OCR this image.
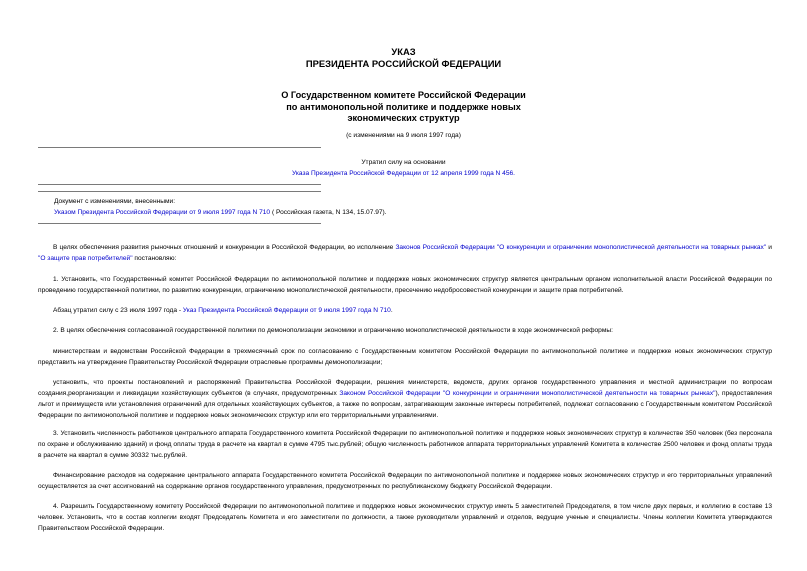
УКАЗ
ПРЕЗИДЕНТА РОССИЙСКОЙ ФЕДЕРАЦИИ
О Государственном комитете Российской Федерации
по антимонопольной политике и поддержке новых
экономических структур
(с изменениями на 9 июля 1997 года)
Утратил силу на основании
Указа Президента Российской Федерации от 12 апреля 1999 года N 456.
Документ с изменениями, внесенными:
Указом Президента Российской Федерации от 9 июля 1997 года N 710 ( Российская газета, N 134, 15.07.97).
В целях обеспечения развития рыночных отношений и конкуренции в Российской Федерации, во исполнение Законов Российской Федерации "О конкуренции и ограничении монополистической деятельности на товарных рынках" и "О защите прав потребителей" постановляю:
1. Установить, что Государственный комитет Российской Федерации по антимонопольной политике и поддержке новых экономических структур является центральным органом исполнительной власти Российской Федерации по проведению государственной политики, по развитию конкуренции, ограничению монополистической деятельности, пресечению недобросовестной конкуренции и защите прав потребителей.
Абзац утратил силу с 23 июля 1997 года - Указ Президента Российской Федерации от 9 июля 1997 года N 710.
2. В целях обеспечения согласованной государственной политики по демонополизации экономики и ограничению монополистической деятельности в ходе экономической реформы:
министерствам и ведомствам Российской Федерации в трехмесячный срок по согласованию с Государственным комитетом Российской Федерации по антимонопольной политике и поддержке новых экономических структур представить на утверждение Правительству Российской Федерации отраслевые программы демонополизации;
установить, что проекты постановлений и распоряжений Правительства Российской Федерации, решения министерств, ведомств, других органов государственного управления и местной администрации по вопросам создания,реорганизации и ликвидации хозяйствующих субъектов (в случаях, предусмотренных Законом Российской Федерации "О конкуренции и ограничении монополистической деятельности на товарных рынках"), предоставления льгот и преимуществ или установления ограничений для отдельных хозяйствующих субъектов, а также по вопросам, затрагивающим законные интересы потребителей, подлежат согласованию с Государственным комитетом Российской Федерации по антимонопольной политике и поддержке новых экономических структур или его территориальными управлениями.
3. Установить численность работников центрального аппарата Государственного комитета Российской Федерации по антимонопольной политике и поддержке новых экономических структур в количестве 350 человек (без персонала по охране и обслуживанию зданий) и фонд оплаты труда в расчете на квартал в сумме 4795 тыс.рублей; общую численность работников аппарата территориальных управлений Комитета в количестве 2500 человек и фонд оплаты труда в расчете на квартал в сумме 30332 тыс.рублей.
Финансирование расходов на содержание центрального аппарата Государственного комитета Российской Федерации по антимонопольной политике и поддержке новых экономических структур и его территориальных управлений осуществляется за счет ассигнований на содержание органов государственного управления, предусмотренных по республиканскому бюджету Российской Федерации.
4. Разрешить Государственному комитету Российской Федерации по антимонопольной политике и поддержке новых экономических структур иметь 5 заместителей Председателя, в том числе двух первых, и коллегию в составе 13 человек. Установить, что в состав коллегии входят Председатель Комитета и его заместители по должности, а также руководители управлений и отделов, ведущие ученые и специалисты. Члены коллегии Комитета утверждаются Правительством Российской Федерации.
